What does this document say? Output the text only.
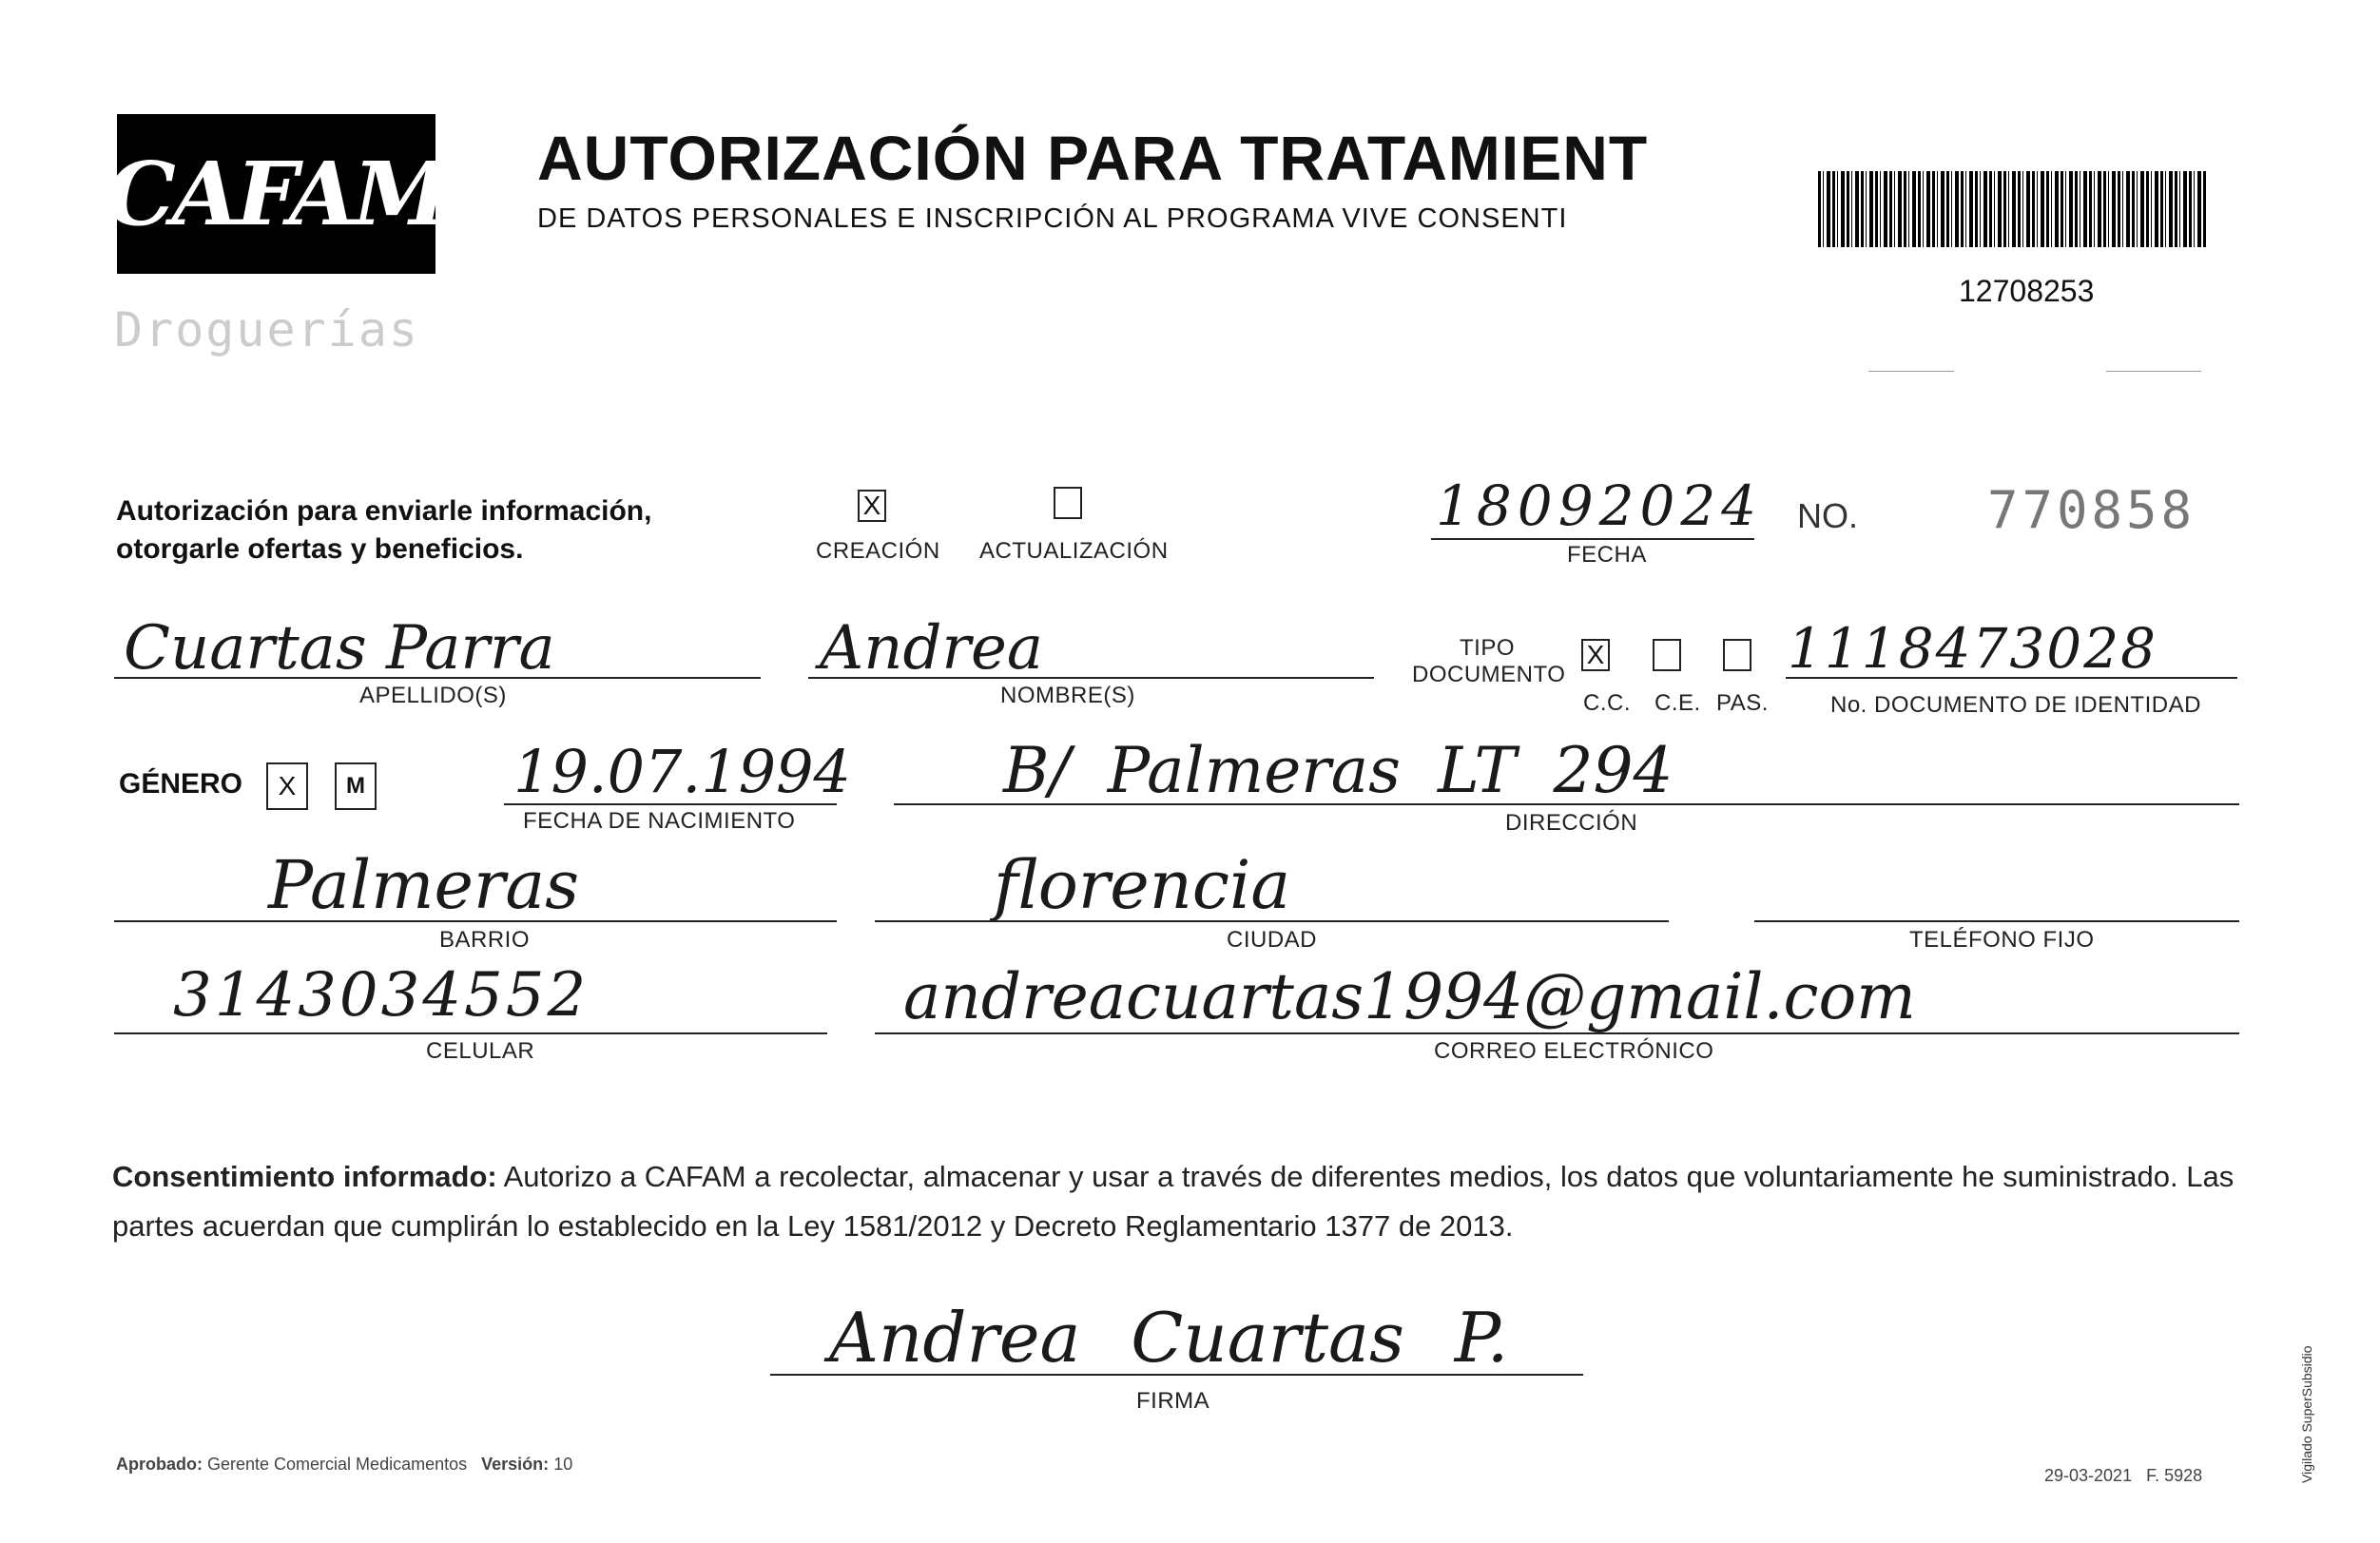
CAFAM
Droguerías
AUTORIZACIÓN PARA TRATAMIENT
DE DATOS PERSONALES E INSCRIPCIÓN AL PROGRAMA VIVE CONSENTI
12708253
Autorización para enviarle información,
otorgarle ofertas y beneficios.
X
CREACIÓN ACTUALIZACIÓN
18092024
FECHA
NO.	770858
Cuartas Parra
APELLIDO(S)
Andrea
NOMBRE(S)
TIPO
DOCUMENTO
X
C.C. C.E. PAS.
1118473028
No. DOCUMENTO DE IDENTIDAD
GÉNERO	X	M	19.07.1994
FECHA DE NACIMIENTO
B/ Palmeras LT 294
DIRECCIÓN
Palmeras
BARRIO
florencia
CIUDAD	TELÉFONO FIJO
3143034552
CELULAR
andreacuartas1994@gmail.com
CORREO ELECTRÓNICO
Consentimiento informado: Autorizo a CAFAM a recolectar, almacenar y usar a través de diferentes medios, los datos que voluntariamente he suministrado. Las partes acuerdan que cumplirán lo establecido en la Ley 1581/2012 y Decreto Reglamentario 1377 de 2013.
Andrea Cuartas P.
FIRMA
Aprobado: Gerente Comercial Medicamentos Versión: 10
29-03-2021 F. 5928	Vigilado SuperSubsidio
